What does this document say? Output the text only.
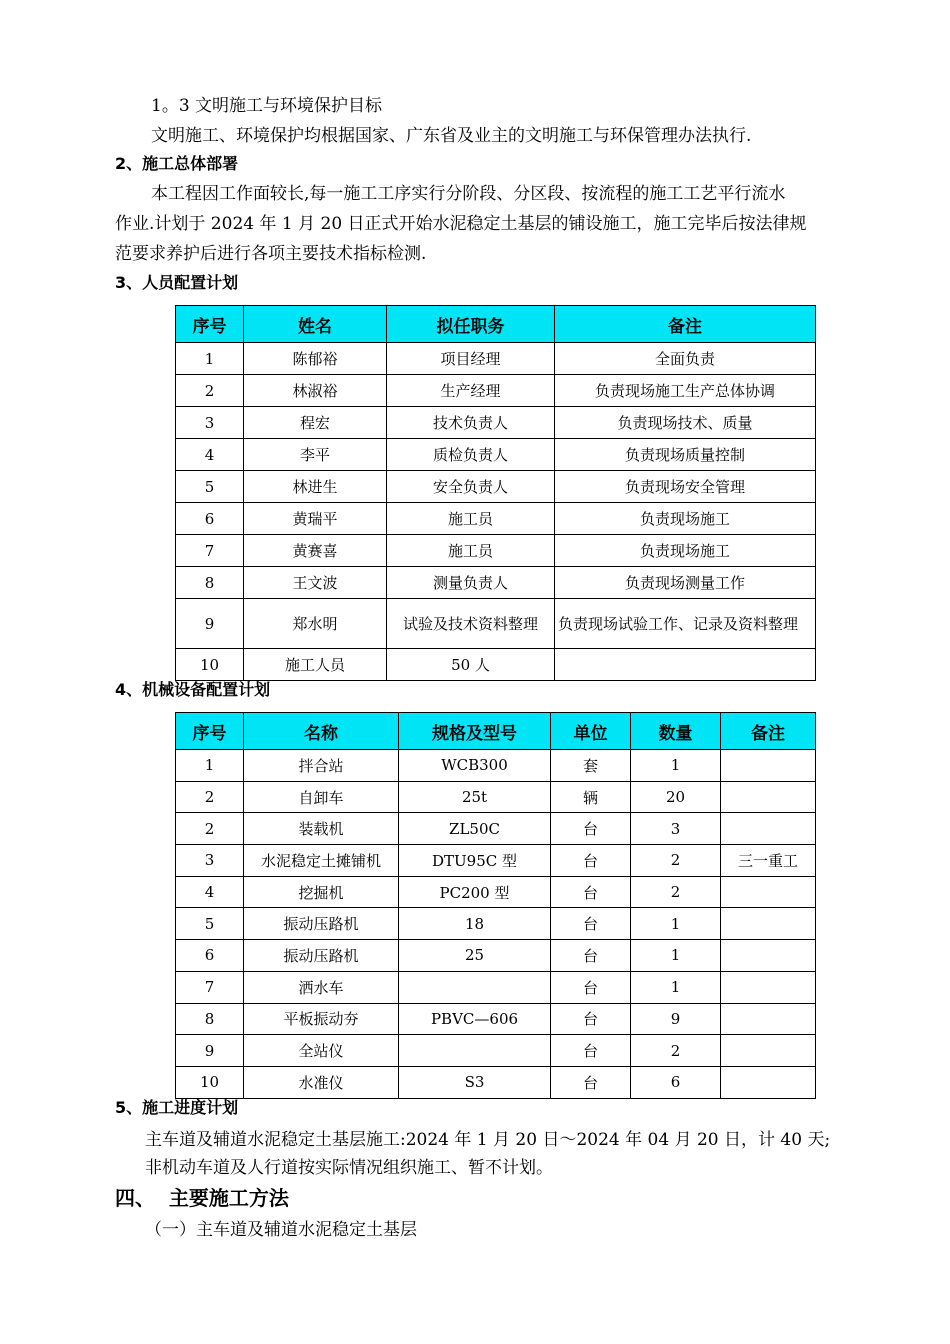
1。3 文明施工与环境保护目标
文明施工、环境保护均根据国家、广东省及业主的文明施工与环保管理办法执行.
2、施工总体部署
本工程因工作面较长,每一施工工序实行分阶段、分区段、按流程的施工工艺平行流水
作业.计划于 2024 年 1 月 20 日正式开始水泥稳定土基层的铺设施工，施工完毕后按法律规
范要求养护后进行各项主要技术指标检测.
3、人员配置计划
序号	姓名	拟任职务	备注
1	陈郁裕	项目经理	全面负责
2	林淑裕	生产经理	负责现场施工生产总体协调
3	程宏	技术负责人	负责现场技术、质量
4	李平	质检负责人	负责现场质量控制
5	林进生	安全负责人	负责现场安全管理
6	黄瑞平	施工员	负责现场施工
7	黄赛喜	施工员	负责现场施工
8	王文波	测量负责人	负责现场测量工作
9	郑水明	试验及技术资料整理	负责现场试验工作、记录及资料整理
10	施工人员	50 人	
4、机械设备配置计划
序号	名称	规格及型号	单位	数量	备注
1	拌合站	WCB300	套	1	
2	自卸车	25t	辆	20	
2	装载机	ZL50C	台	3	
3	水泥稳定土摊铺机	DTU95C 型	台	2	三一重工
4	挖掘机	PC200 型	台	2	
5	振动压路机	18	台	1	
6	振动压路机	25	台	1	
7	洒水车		台	1	
8	平板振动夯	PBVC—606	台	9	
9	全站仪		台	2	
10	水准仪	S3	台	6	
5、施工进度计划
主车道及辅道水泥稳定土基层施工:2024 年 1 月 20 日～2024 年 04 月 20 日，计 40 天;
非机动车道及人行道按实际情况组织施工、暂不计划。
四、  主要施工方法
（一）主车道及辅道水泥稳定土基层
